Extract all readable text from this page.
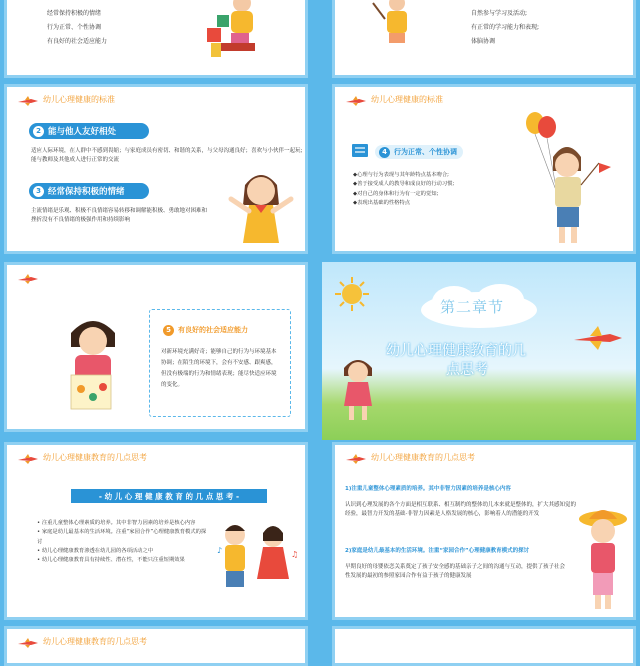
经常保持积极的情绪
行为正常、个性协调
有良好的社会适应能力
自然参与学习及活动;
有正常的学习能力和表现;
体脑协调
幼儿心理健康的标准
2 能与他人友好相处
适应人际环境，在人群中不感到畏缩；与家庭成员有密切、和谐的关系，与父母沟通良好；喜欢与小伙伴一起玩;能与教师及其他成人进行正常的交流
3 经常保持积极的情绪
主流情绪是乐观、积极不良情绪容易转移和调解能积极、勇敢地对困难和挫折没有不良情绪的极强作用和持续影响
幼儿心理健康的标准
4	行为正常、个性协调
◆心理与行为表现与其年龄特点基本吻合;
◆善于接受成人的教导和成良好的行动习惯;
◆对自己的身体和行为有一定的觉知;
◆表现出基础的性格特点
5	有良好的社会适应能力
对新环境充满好奇；能够自己的行为与环境基本协调；在陌生的环境下，会有不安感、跟爽感，但没有极端的行为和情绪表现；能尽快适应环境的变化。
第二章节
幼儿心理健康教育的几
点思考
幼儿心理健康教育的几点思考
- 幼 儿 心 理 健 康 教 育 的 几 点 思 考 -
• 注重儿童整体心理素质的培养。其中非智力因素的培养是核心内容
• 家庭是幼儿最基本的生活环境。注重“家园合作”心理健康教育模式的探讨
• 幼儿心理健康教育渗透在幼儿园的各项活动之中
• 幼儿心理健康教育具有持续性、潜在性，不能只注重短期效果
♪	♫
幼儿心理健康教育的几点思考
1)注重儿童整体心理素质的培养。其中非智力因素的培养是核心内容
认识到心理发展的各个方面是相互联系、相互制约的整体幼儿本来就是整体的，扩大其感知觉的经验，最智力开发的基础·非智力因素是人格发展的核心，影响着人的潜能的开发
2)家庭是幼儿最基本的生活环境。注重“家园合作”心理健康教育模式的探讨
早期良好的母婴依恋关系奠定了孩子安全感的基础亲子之间的沟通与互动，提供了孩子社会性发展的最初的参照家园合作有益于孩子的健康发展
幼儿心理健康教育的几点思考
